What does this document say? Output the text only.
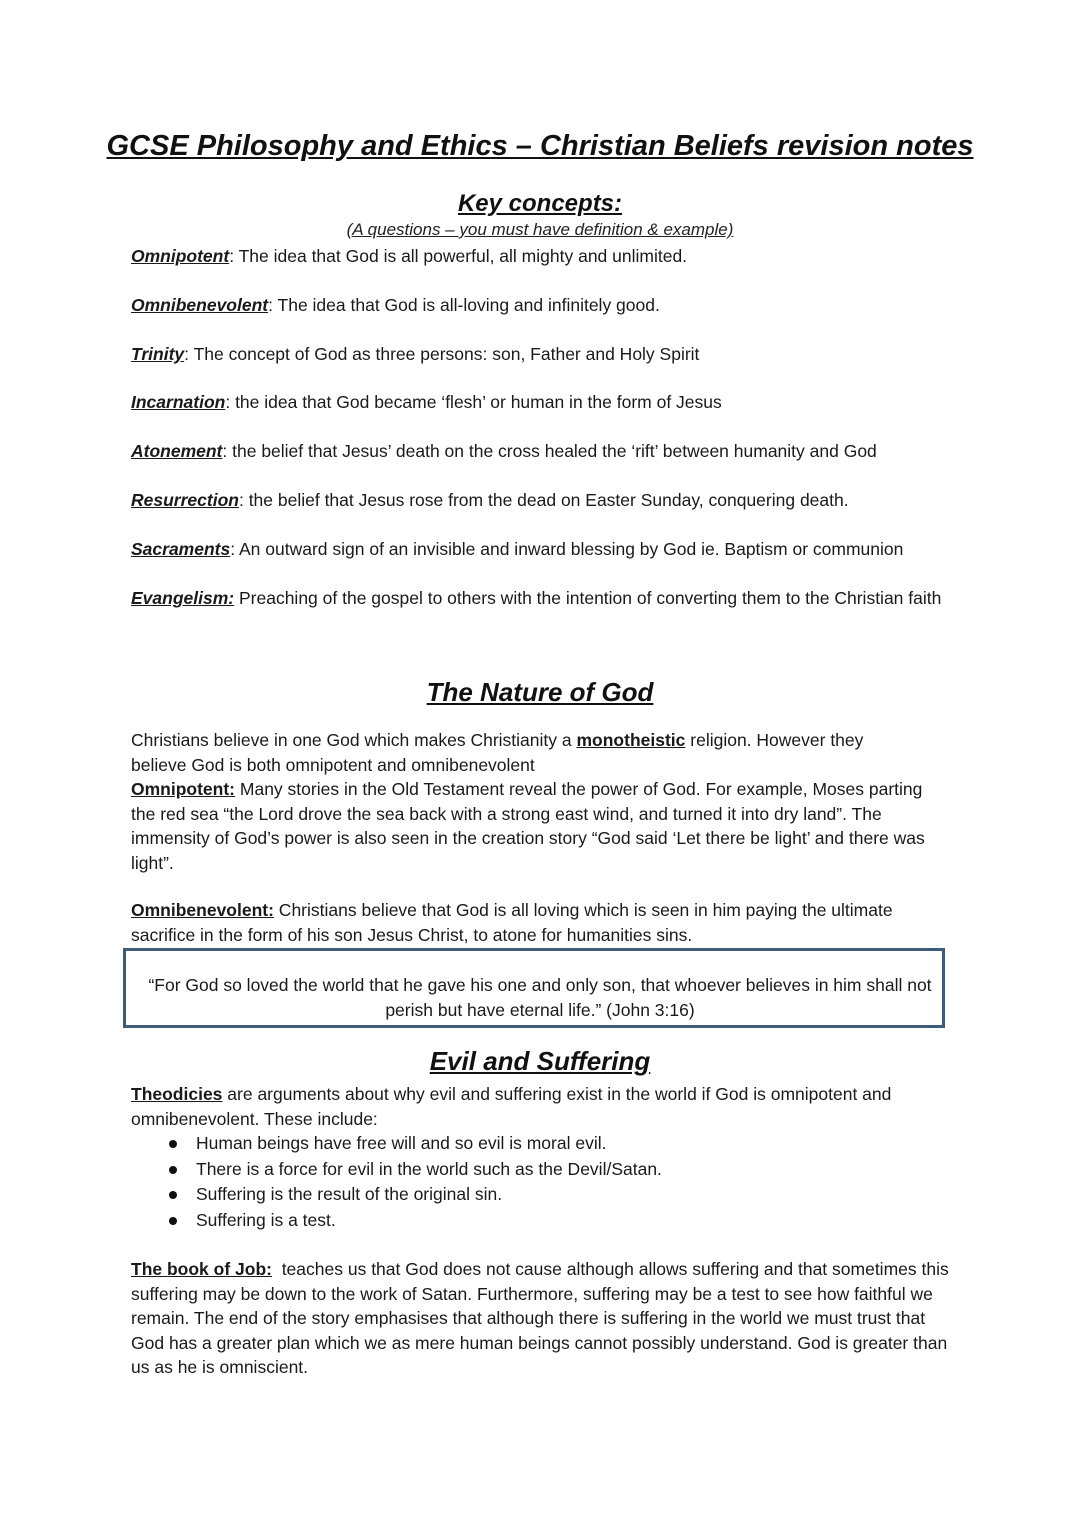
GCSE Philosophy and Ethics – Christian Beliefs revision notes
Key concepts:
(A questions – you must have definition & example)
Omnipotent: The idea that God is all powerful, all mighty and unlimited.
Omnibenevolent: The idea that God is all-loving and infinitely good.
Trinity: The concept of God as three persons: son, Father and Holy Spirit
Incarnation: the idea that God became ‘flesh’ or human in the form of Jesus
Atonement: the belief that Jesus’ death on the cross healed the ‘rift’ between humanity and God
Resurrection: the belief that Jesus rose from the dead on Easter Sunday, conquering death.
Sacraments: An outward sign of an invisible and inward blessing by God ie. Baptism or communion
Evangelism: Preaching of the gospel to others with the intention of converting them to the Christian faith
The Nature of God
Christians believe in one God which makes Christianity a monotheistic religion. However they believe God is both omnipotent and omnibenevolent
Omnipotent: Many stories in the Old Testament reveal the power of God. For example, Moses parting the red sea “the Lord drove the sea back with a strong east wind, and turned it into dry land”. The immensity of God’s power is also seen in the creation story “God said ‘Let there be light’ and there was light”.
Omnibenevolent: Christians believe that God is all loving which is seen in him paying the ultimate sacrifice in the form of his son Jesus Christ, to atone for humanities sins.
“For God so loved the world that he gave his one and only son, that whoever believes in him shall not perish but have eternal life.” (John 3:16)
Evil and Suffering
Theodicies are arguments about why evil and suffering exist in the world if God is omnipotent and omnibenevolent. These include:
Human beings have free will and so evil is moral evil.
There is a force for evil in the world such as the Devil/Satan.
Suffering is the result of the original sin.
Suffering is a test.
The book of Job:  teaches us that God does not cause although allows suffering and that sometimes this suffering may be down to the work of Satan. Furthermore, suffering may be a test to see how faithful we remain. The end of the story emphasises that although there is suffering in the world we must trust that God has a greater plan which we as mere human beings cannot possibly understand. God is greater than us as he is omniscient.
